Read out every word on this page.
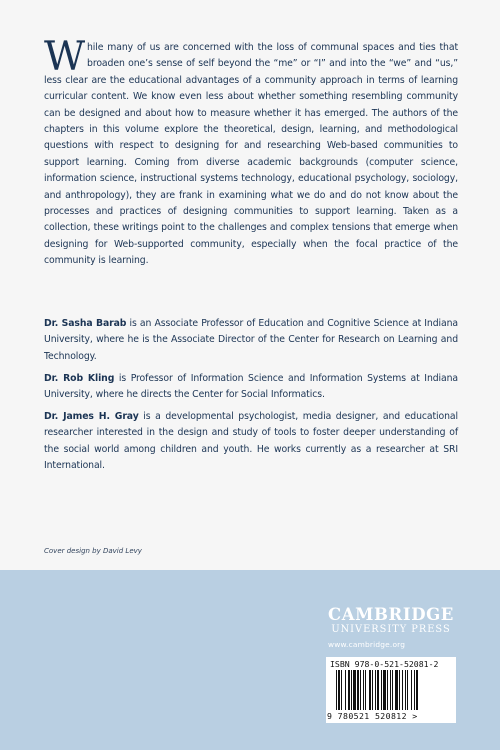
While many of us are concerned with the loss of communal spaces and ties that broaden one’s sense of self beyond the “me” or “I” and into the “we” and “us,” less clear are the educational advantages of a community approach in terms of learning curricular content. We know even less about whether something resembling community can be designed and about how to measure whether it has emerged. The authors of the chapters in this volume explore the theoretical, design, learning, and methodological questions with respect to designing for and researching Web-based communities to support learning. Coming from diverse academic backgrounds (computer science, information science, instructional systems technology, educational psychology, sociology, and anthropology), they are frank in examining what we do and do not know about the processes and practices of designing communities to support learning. Taken as a collection, these writings point to the challenges and complex tensions that emerge when designing for Web-supported community, especially when the focal practice of the community is learning.
Dr. Sasha Barab is an Associate Professor of Education and Cognitive Science at Indiana University, where he is the Associate Director of the Center for Research on Learning and Technology.
Dr. Rob Kling is Professor of Information Science and Information Systems at Indiana University, where he directs the Center for Social Informatics.
Dr. James H. Gray is a developmental psychologist, media designer, and educational researcher interested in the design and study of tools to foster deeper understanding of the social world among children and youth. He works currently as a researcher at SRI International.
Cover design by David Levy
CAMBRIDGE
UNIVERSITY PRESS
www.cambridge.org
ISBN 978-0-521-52081-2
9 780521 520812 >
